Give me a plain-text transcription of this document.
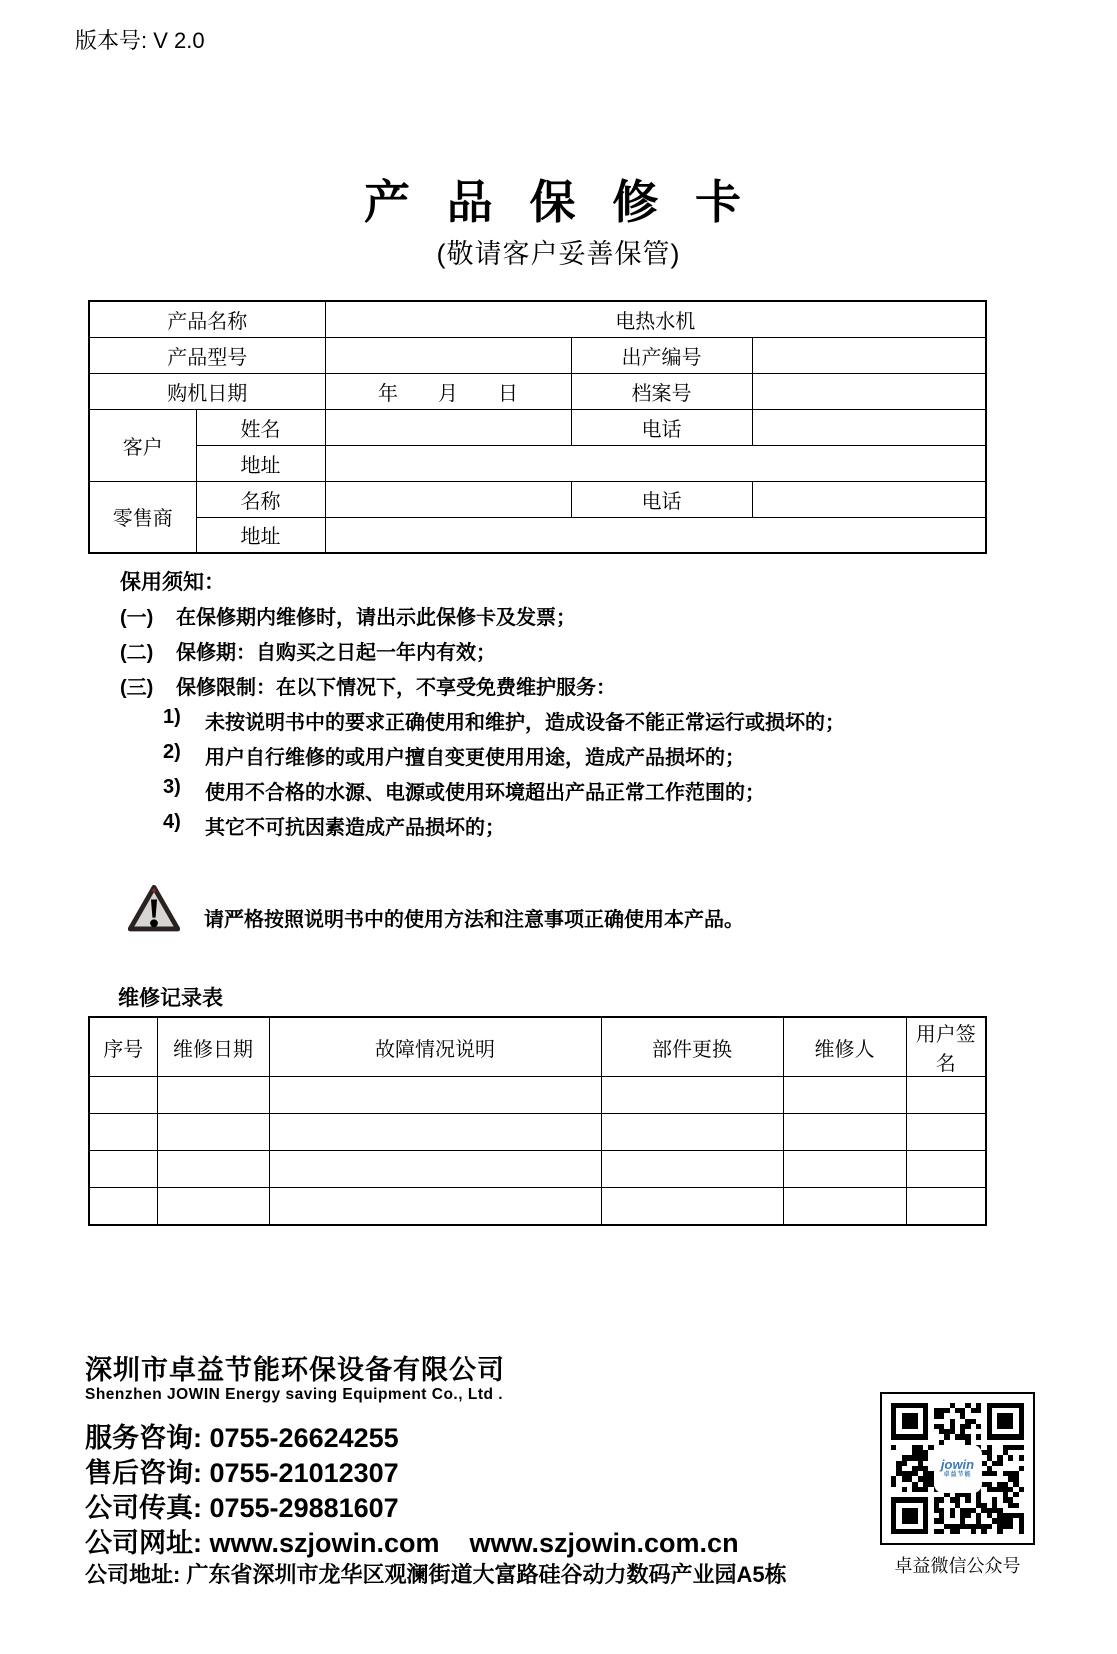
版本号: V 2.0
产 品 保 修 卡
(敬请客户妥善保管)
产品名称		电热水机		
产品型号			出产编号	
购机日期		年　　月　　日	档案号	
客户	姓名		电话	
	地址			
零售商	名称		电话	
	地址			
保用须知：
(一)	在保修期内维修时，请出示此保修卡及发票；
(二)	保修期：自购买之日起一年内有效；
(三)	保修限制：在以下情况下，不享受免费维护服务：
1)	未按说明书中的要求正确使用和维护，造成设备不能正常运行或损坏的；
2)	用户自行维修的或用户擅自变更使用用途，造成产品损坏的；
3)	使用不合格的水源、电源或使用环境超出产品正常工作范围的；
4)	其它不可抗因素造成产品损坏的；
请严格按照说明书中的使用方法和注意事项正确使用本产品。
维修记录表
序号	维修日期	故障情况说明	部件更换	维修人	用户签名

深圳市卓益节能环保设备有限公司
Shenzhen JOWIN Energy saving Equipment Co., Ltd .
服务咨询: 0755-26624255
售后咨询: 0755-21012307
公司传真: 0755-29881607
公司网址: www.szjowin.com    www.szjowin.com.cn
公司地址: 广东省深圳市龙华区观澜街道大富路硅谷动力数码产业园A5栋
jowin
卓益节能
卓益微信公众号
